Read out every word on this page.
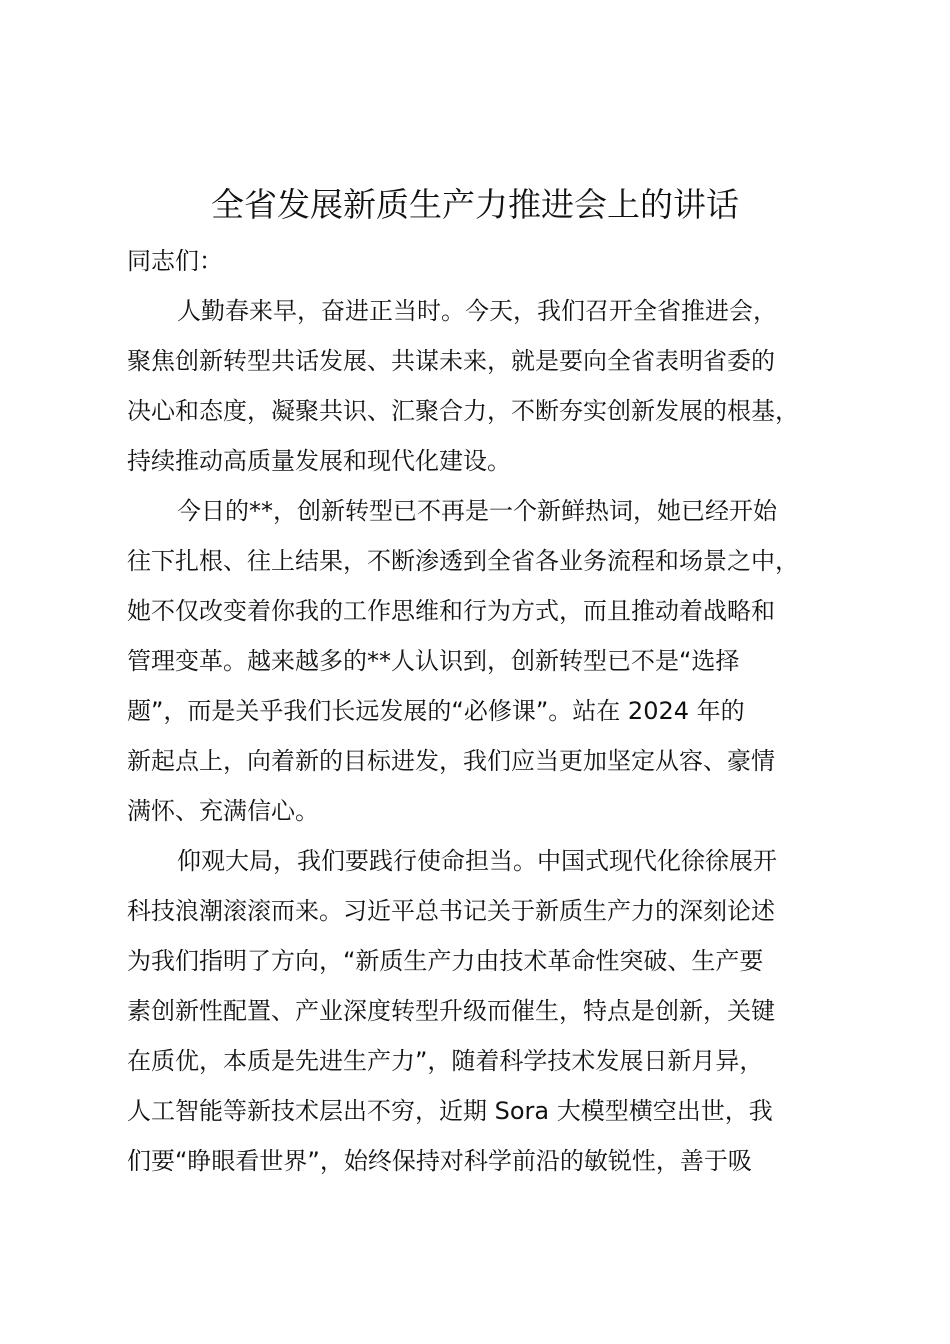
全省发展新质生产力推进会上的讲话

同志们：

人勤春来早，奋进正当时。今天，我们召开全省推进会，
聚焦创新转型共话发展、共谋未来，就是要向全省表明省委的
决心和态度，凝聚共识、汇聚合力，不断夯实创新发展的根基，
持续推动高质量发展和现代化建设。
今日的**，创新转型已不再是一个新鲜热词，她已经开始
往下扎根、往上结果，不断渗透到全省各业务流程和场景之中，
她不仅改变着你我的工作思维和行为方式，而且推动着战略和
管理变革。越来越多的**人认识到，创新转型已不是“选择
题”，而是关乎我们长远发展的“必修课”。站在 2024 年的
新起点上，向着新的目标进发，我们应当更加坚定从容、豪情
满怀、充满信心。
仰观大局，我们要践行使命担当。中国式现代化徐徐展开
科技浪潮滚滚而来。习近平总书记关于新质生产力的深刻论述
为我们指明了方向，“新质生产力由技术革命性突破、生产要
素创新性配置、产业深度转型升级而催生，特点是创新，关键
在质优，本质是先进生产力”，随着科学技术发展日新月异，
人工智能等新技术层出不穷，近期 Sora 大模型横空出世，我
们要“睁眼看世界”，始终保持对科学前沿的敏锐性，善于吸
